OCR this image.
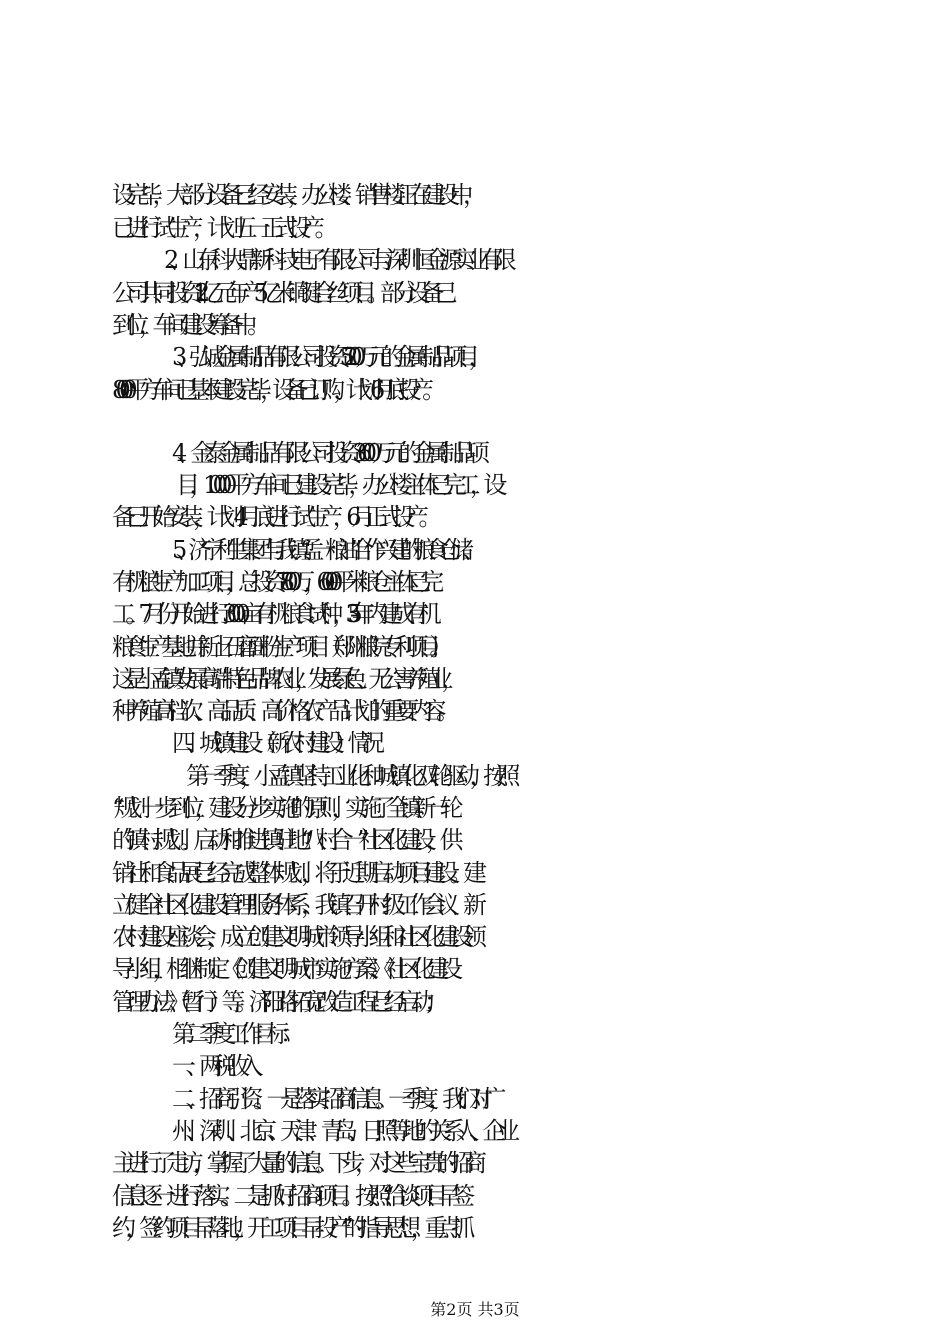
设完毕，大部分设备已经安装，办公楼、销售楼正在建设中，
已进行试生产，计划五一正式投产。
2、山东科大鼎新科技电子有限公司与深圳恒金源实业有限
公司共同投资1.2亿元年产5亿米铜键合丝项目。部分设备已
到位，车间建设筹备中。
3、弘诚金属制品有限公司投资5200万元的金属制品项目，
8000平方车间已基本建设完毕，设备已订购，计划6月底投产。
4、金泰金属制品有限公司投资3600万元的金属制品项
目，10000平方车间已建设完毕，办公楼主体已完工，设
备已开始安装，计划4月底进行试生产，6月正式投产。
5、济宁利生集团与我镇“孟一粮油”合作兴建的粮食仓储、
有机粮生产加工项目，总投资7800万，6000平米粮仓主体已完
工。7月份开始进行3000亩有机粮食试种，3-5年内建成有机
粮食生产基地并新上石磨面粉生产项目（郑州粮院专利项目）。
这是小孟镇发展高端特色品牌农业，发展绿色、无公害养殖业，
种养殖高档次、高品质、高价格农产品计划的重要内容。
四、城镇建设（新农村建设）情况
第一季度，小孟镇坚持工业化和城镇化双轮驱动，按照
“规划一步到位，建设分步实施”的原则，实施了全镇新一轮
的镇村规划。启动和推进镇驻地“八村合一”社区化建设，供
销社和食品展已经完成整体规划，将于近期启动项目建设。建
立健全社区化建设管理服务体系，我镇召开村级工作会议、新
农村建设座谈会，成立创建文明城市领导小组和社区化建设领
导小组，相继制定《创建文明城市实施方案》、《社区化建设
管理办法》（暂行）等。济阳路拓宽改造工程已经启动；
第二季度工作目标：
一、两税收入
二、招商引资。一是落实招商信息。一季度，我们对广
州、深圳、北京、天津、青岛、日照等地的关系人、企业
主进行了走访，掌握了大量的信息。下步，对这些宝贵的招商
信息逐一进行落实。二是抓好招商项目。按照“洽谈项目早签
约，签约项目早落地，开工项目早投产”的指导思想，重点抓
第2页 共3页
